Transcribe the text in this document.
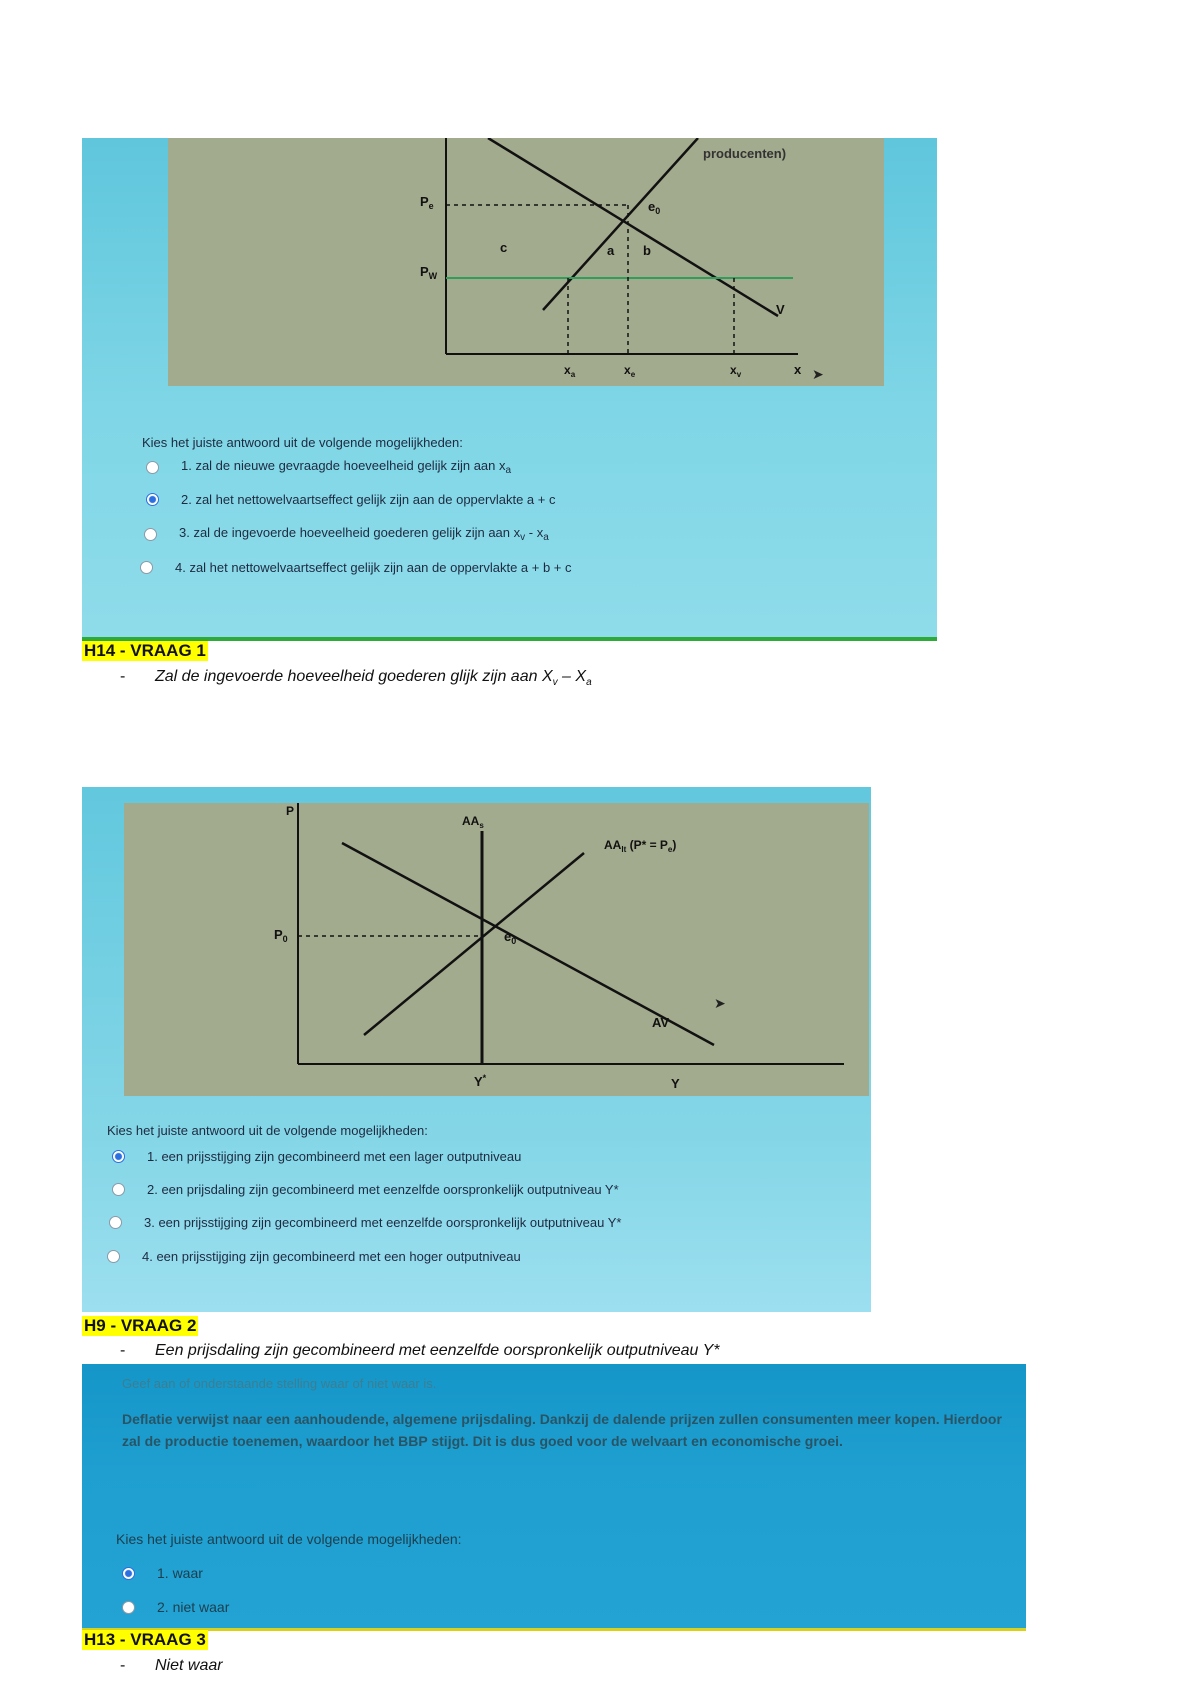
$P_e$
$P_W$
$e_0$
c	a b
V
$x_a$	$x_e$	$x_v$	x
producenten)
➤
Kies het juiste antwoord uit de volgende mogelijkheden:
1. zal de nieuwe gevraagde hoeveelheid gelijk zijn aan $x_a$
2. zal het nettowelvaartseffect gelijk zijn aan de oppervlakte a + c
3. zal de ingevoerde hoeveelheid goederen gelijk zijn aan $x_v - x_a$
4. zal het nettowelvaartseffect gelijk zijn aan de oppervlakte a + b + c
H14 - VRAAG 1
- Zal de ingevoerde hoeveelheid goederen glijk zijn aan $X_v - X_a$
P
$AA_s$
$AA_{lt}$ $(P* = P_e)$
$P_0$	$e_0$
AV
Y*	Y
➤
Kies het juiste antwoord uit de volgende mogelijkheden:
1. een prijsstijging zijn gecombineerd met een lager outputniveau
2. een prijsdaling zijn gecombineerd met eenzelfde oorspronkelijk outputniveau Y*
3. een prijsstijging zijn gecombineerd met eenzelfde oorspronkelijk outputniveau Y*
4. een prijsstijging zijn gecombineerd met een hoger outputniveau
H9 - VRAAG 2
- Een prijsdaling zijn gecombineerd met eenzelfde oorspronkelijk outputniveau Y*
Geef aan of onderstaande stelling waar of niet waar is.
Deflatie verwijst naar een aanhoudende, algemene prijsdaling. Dankzij de dalende prijzen zullen consumenten meer kopen. Hierdoor zal de productie toenemen, waardoor het BBP stijgt. Dit is dus goed voor de welvaart en economische groei.
Kies het juiste antwoord uit de volgende mogelijkheden:
1. waar
2. niet waar
H13 - VRAAG 3
- Niet waar
